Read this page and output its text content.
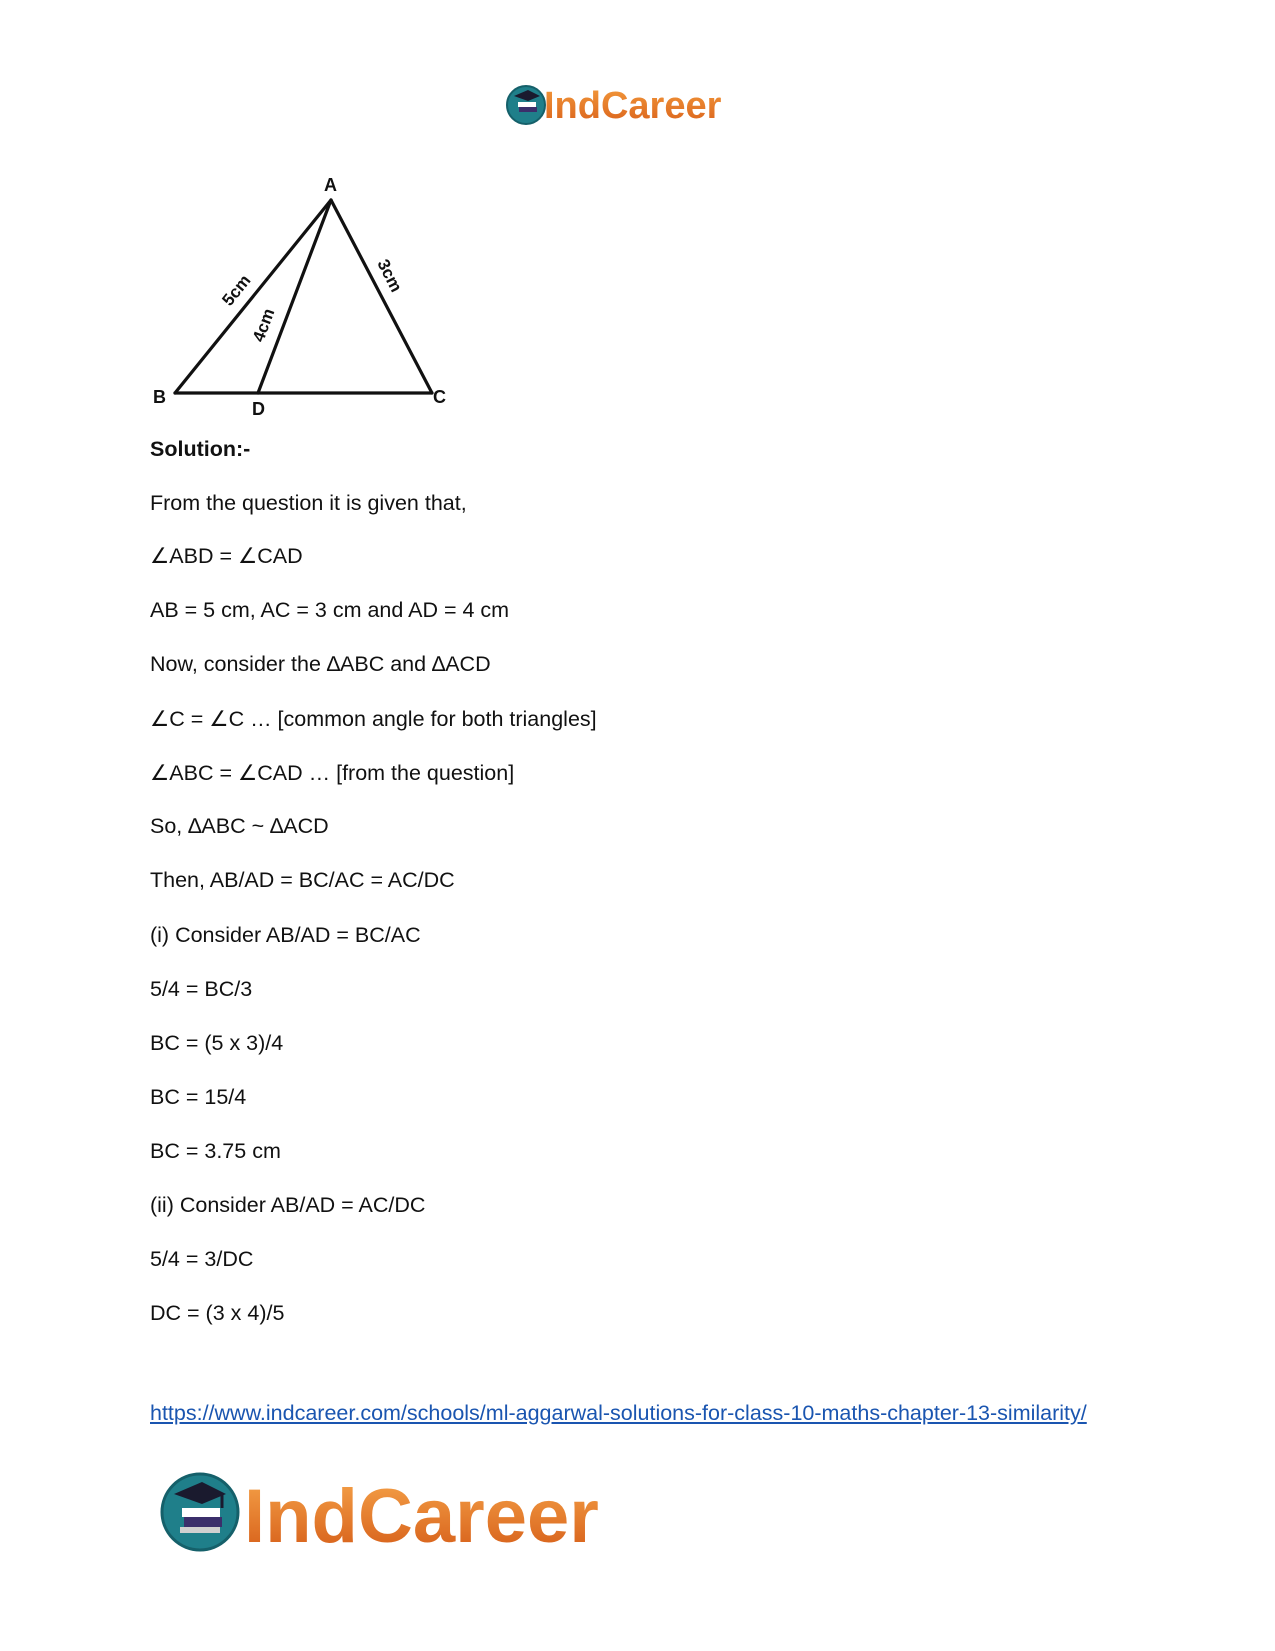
IndCareer
A
B
D
C
5cm
4cm
3cm
Solution:-
From the question it is given that,
∠ABD = ∠CAD
AB = 5 cm, AC = 3 cm and AD = 4 cm
Now, consider the ∆ABC and ∆ACD
∠C = ∠C … [common angle for both triangles]
∠ABC = ∠CAD … [from the question]
So, ∆ABC ~ ∆ACD
Then, AB/AD = BC/AC = AC/DC
(i) Consider AB/AD = BC/AC
5/4 = BC/3
BC = (5 x 3)/4
BC = 15/4
BC = 3.75 cm
(ii) Consider AB/AD = AC/DC
5/4 = 3/DC
DC = (3 x 4)/5
https://www.indcareer.com/schools/ml-aggarwal-solutions-for-class-10-maths-chapter-13-similarity/
IndCareer
